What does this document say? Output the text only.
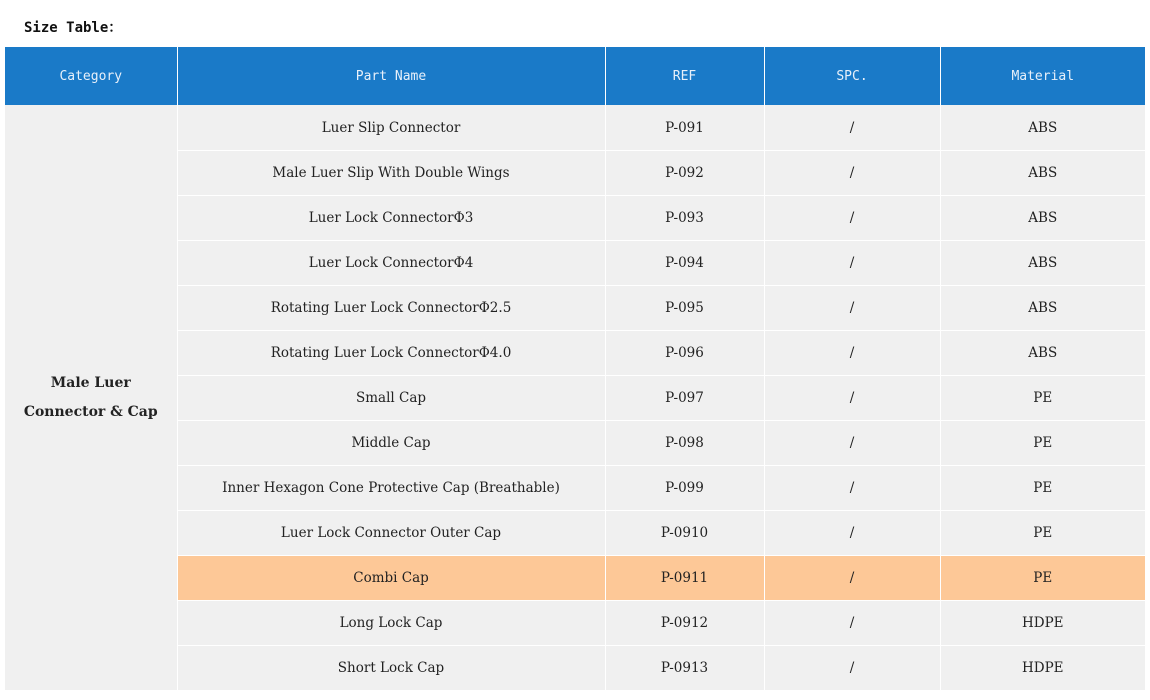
Size Table：
Category	Part Name	REF	SPC.	Material

Male Luer
Connector & Cap	Luer Slip Connector	P-091	/	ABS
	Male Luer Slip With Double Wings	P-092	/	ABS
	Luer Lock ConnectorΦ3	P-093	/	ABS
	Luer Lock ConnectorΦ4	P-094	/	ABS
	Rotating Luer Lock ConnectorΦ2.5	P-095	/	ABS
	Rotating Luer Lock ConnectorΦ4.0	P-096	/	ABS
	Small Cap	P-097	/	PE
	Middle Cap	P-098	/	PE
	Inner Hexagon Cone Protective Cap (Breathable)	P-099	/	PE
	Luer Lock Connector Outer Cap	P-0910	/	PE
	Combi Cap	P-0911	/	PE
	Long Lock Cap	P-0912	/	HDPE
	Short Lock Cap	P-0913	/	HDPE
